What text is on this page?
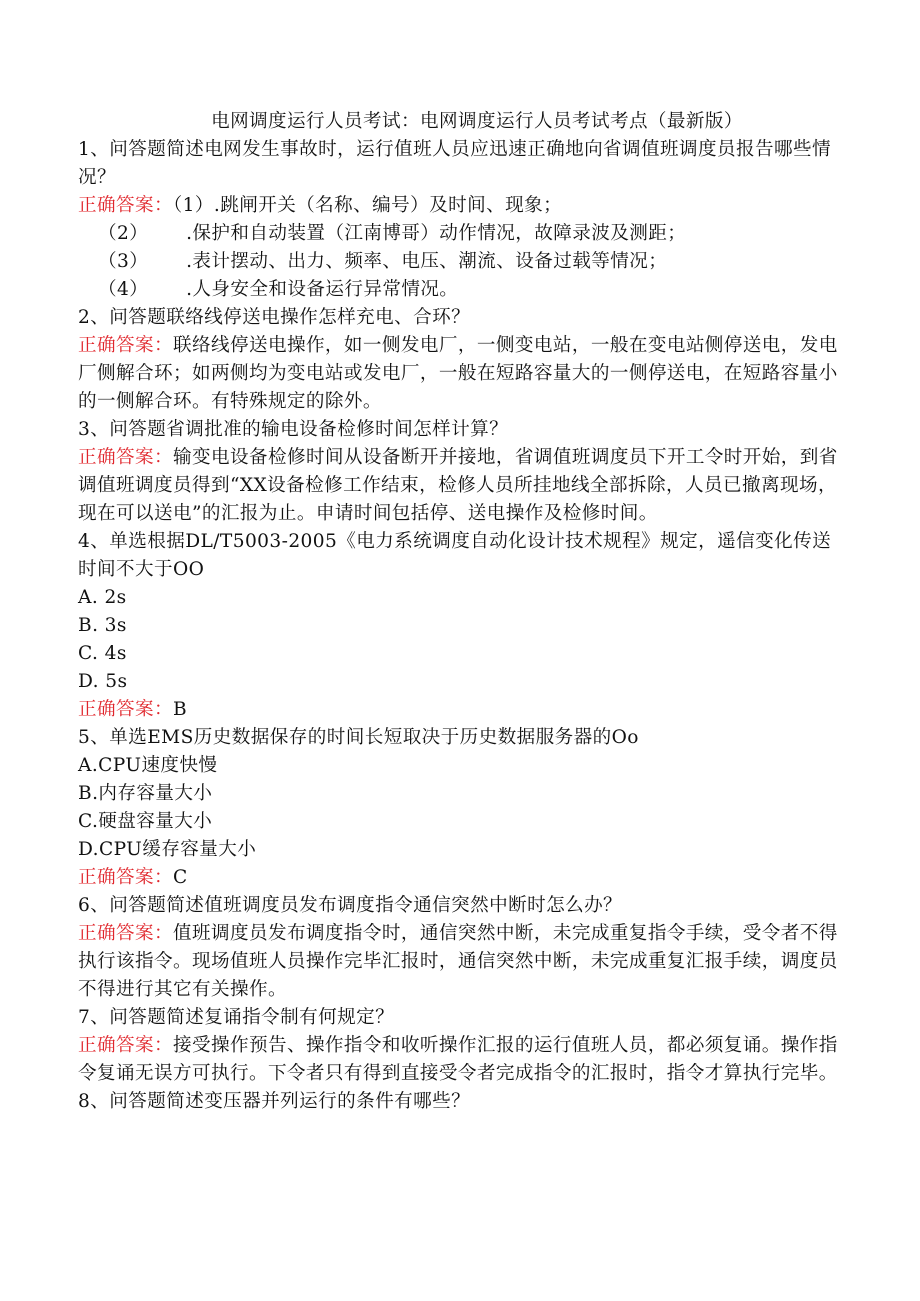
电网调度运行人员考试：电网调度运行人员考试考点（最新版）

1、问答题简述电网发生事故时，运行值班人员应迅速正确地向省调值班调度员报告哪些情况？

正确答案：（1）.跳闸开关（名称、编号）及时间、现象；

（2）      .保护和自动装置（江南博哥）动作情况，故障录波及测距；
（3）      .表计摆动、出力、频率、电压、潮流、设备过载等情况；
（4）      .人身安全和设备运行异常情况。

2、问答题联络线停送电操作怎样充电、合环？

正确答案：联络线停送电操作，如一侧发电厂，一侧变电站，一般在变电站侧停送电，发电厂侧解合环；如两侧均为变电站或发电厂，一般在短路容量大的一侧停送电，在短路容量小的一侧解合环。有特殊规定的除外。

3、问答题省调批准的输电设备检修时间怎样计算？

正确答案：输变电设备检修时间从设备断开并接地，省调值班调度员下开工令时开始，到省调值班调度员得到“XX设备检修工作结束，检修人员所挂地线全部拆除，人员已撤离现场，现在可以送电”的汇报为止。申请时间包括停、送电操作及检修时间。

4、单选根据DL/T5003-2005《电力系统调度自动化设计技术规程》规定，遥信变化传送时间不大于OO

A. 2s
B. 3s
C. 4s
D. 5s

正确答案：B

5、单选EMS历史数据保存的时间长短取决于历史数据服务器的Oo

A.CPU速度快慢
B.内存容量大小
C.硬盘容量大小
D.CPU缓存容量大小

正确答案：C

6、问答题简述值班调度员发布调度指令通信突然中断时怎么办？

正确答案：值班调度员发布调度指令时，通信突然中断，未完成重复指令手续，受令者不得执行该指令。现场值班人员操作完毕汇报时，通信突然中断，未完成重复汇报手续，调度员不得进行其它有关操作。

7、问答题简述复诵指令制有何规定？

正确答案：接受操作预告、操作指令和收听操作汇报的运行值班人员，都必须复诵。操作指令复诵无误方可执行。下令者只有得到直接受令者完成指令的汇报时，指令才算执行完毕。

8、问答题简述变压器并列运行的条件有哪些？
